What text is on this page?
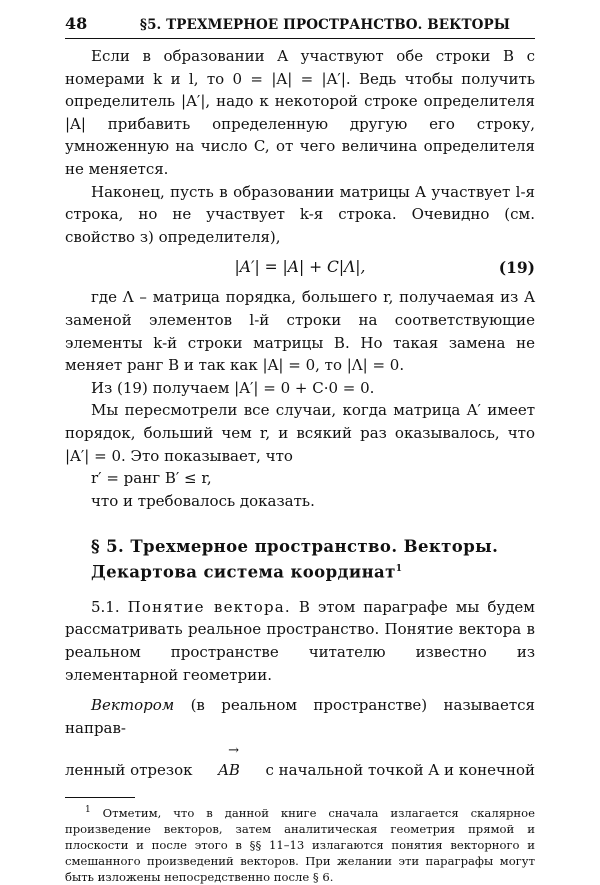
48	§5. ТРЕХМЕРНОЕ ПРОСТРАНСТВО. ВЕКТОРЫ

Если в образовании A участвуют обе строки B с номерами k и l, то 0 = |A| = |A′|. Ведь чтобы получить определитель |A′|, надо к некоторой строке определителя |A| прибавить определенную другую его строку, умноженную на число C, от чего величина определителя не меняется.

Наконец, пусть в образовании матрицы A участвует l-я строка, но не участвует k-я строка. Очевидно (см. свойство з) определителя),

|A′| = |A| + C|Λ|,	(19)

где Λ – матрица порядка, большего r, получаемая из A заменой элементов l-й строки на соответствующие элементы k-й строки матрицы B. Но такая замена не меняет ранг B и так как |A| = 0, то |Λ| = 0.

Из (19) получаем |A′| = 0 + C·0 = 0.

Мы пересмотрели все случаи, когда матрица A′ имеет порядок, больший чем r, и всякий раз оказывалось, что |A′| = 0. Это показывает, что

r′ = ранг B′ ≤ r,

что и требовалось доказать.

§ 5. Трехмерное пространство. Векторы.

Декартова система координат$^1$

5.1. Понятие вектора. В этом параграфе мы будем рассматривать реальное пространство. Понятие вектора в реальном пространстве читателю известно из элементарной геометрии.

Вектором (в реальном пространстве) называется направ-

ленный отрезок
→
AB с начальной точкой A и конечной

$^1$ Отметим, что в данной книге сначала излагается скалярное произведение векторов, затем аналитическая геометрия прямой и плоскости и после этого в §§ 11–13 излагаются понятия векторного и смешанного произведений векторов. При желании эти параграфы могут быть изложены непосредственно после § 6.
